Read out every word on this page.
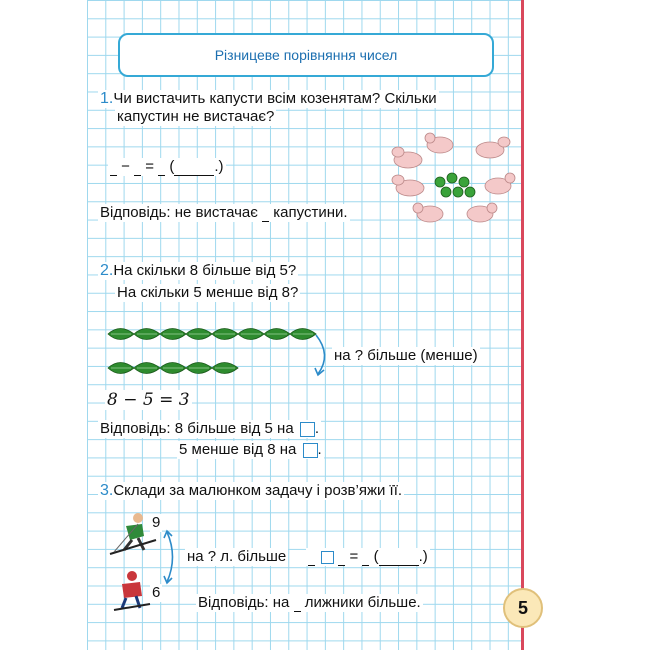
Різницеве порівняння чисел
1.Чи вистачить капусти всім козенятам? Скільки
капустин не вистачає?
− = (	.)
Відповідь: не вистачає капустини.
2.На скільки 8 більше від 5?
На скільки 5 менше від 8?
на ? більше (менше)
8 − 5 = 3
Відповідь: 8 більше від 5 на .
5 менше від 8 на .
3.Склади за малюнком задачу і розв’яжи її.
9
6
на ? л. більше	= (	.)
Відповідь: на лижники більше.	5
